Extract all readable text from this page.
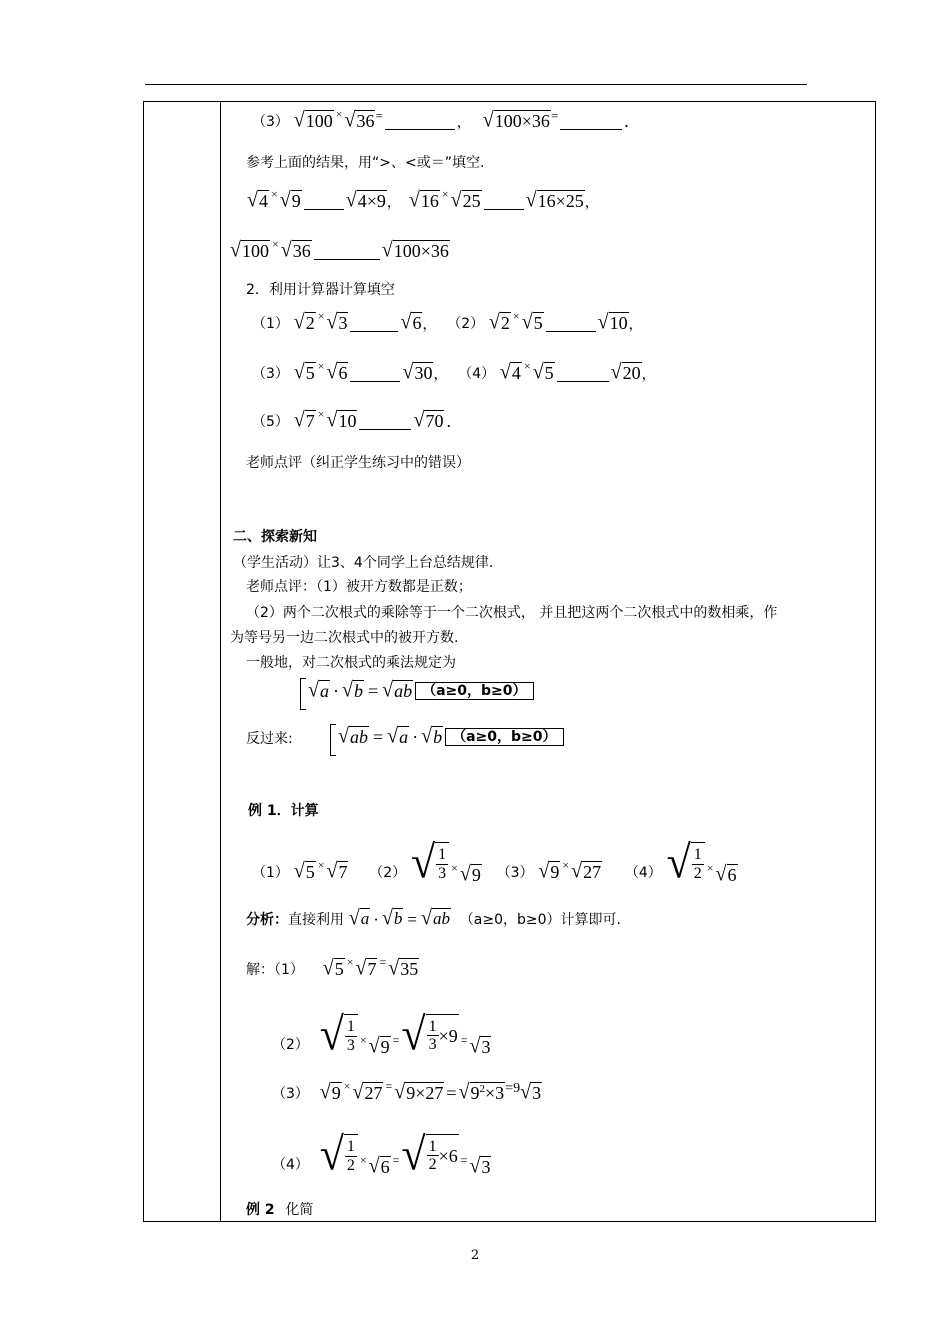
（3） √ 100 × √ 36 =	， √ 100×36 =	.
参考上面的结果，用“>、<或＝”填空.
√ 4 × √ 9 √ 4×9 ， √ 16 × √ 25 √ 16×25 ，
√ 100 × √ 36	√ 100×36
2．利用计算器计算填空
（1） √ 2 × √ 3	√ 6 ， （2） √ 2 × √ 5	√ 10 ，
（3） √ 5 × √ 6	√ 30 ， （4） √ 4 × √ 5	√ 20 ，
（5） √ 7 × √ 10	√ 70 .
老师点评（纠正学生练习中的错误）
二、探索新知
（学生活动）让3、4个同学上台总结规律.
老师点评：（1）被开方数都是正数；
（2）两个二次根式的乘除等于一个二次根式， 并且把这两个二次根式中的数相乘，作
为等号另一边二次根式中的被开方数.
一般地，对二次根式的乘法规定为
√ a · √ b = √ ab （a≥0，b≥0）
反过来: √ ab = √ a · √ b （a≥0，b≥0）
例 1．计算
（1） √ 5 × √ 7 （2） √ $\frac{1}{3}$ × √ 9 （3） √ 9 × √ 27 （4） √ $\frac{1}{2}$ × √ 6
分析：直接利用 √ a · √ b = √ ab （a≥0，b≥0）计算即可.
解：（1） √ 5 × √ 7 = √ 35
（2） √ $\frac{1}{3}$ × √ 9 = √ $\frac{1}{3} \times 9$ = √ 3
（3） √ 9 × √ 27 = √ 9×27 = √ $9^2\times 3 = 9$ √ 3
（4） √ $\frac{1}{2}$ × √ 6 = √ $\frac{1}{2} \times 6$ = √ 3
例 2 化简
2
